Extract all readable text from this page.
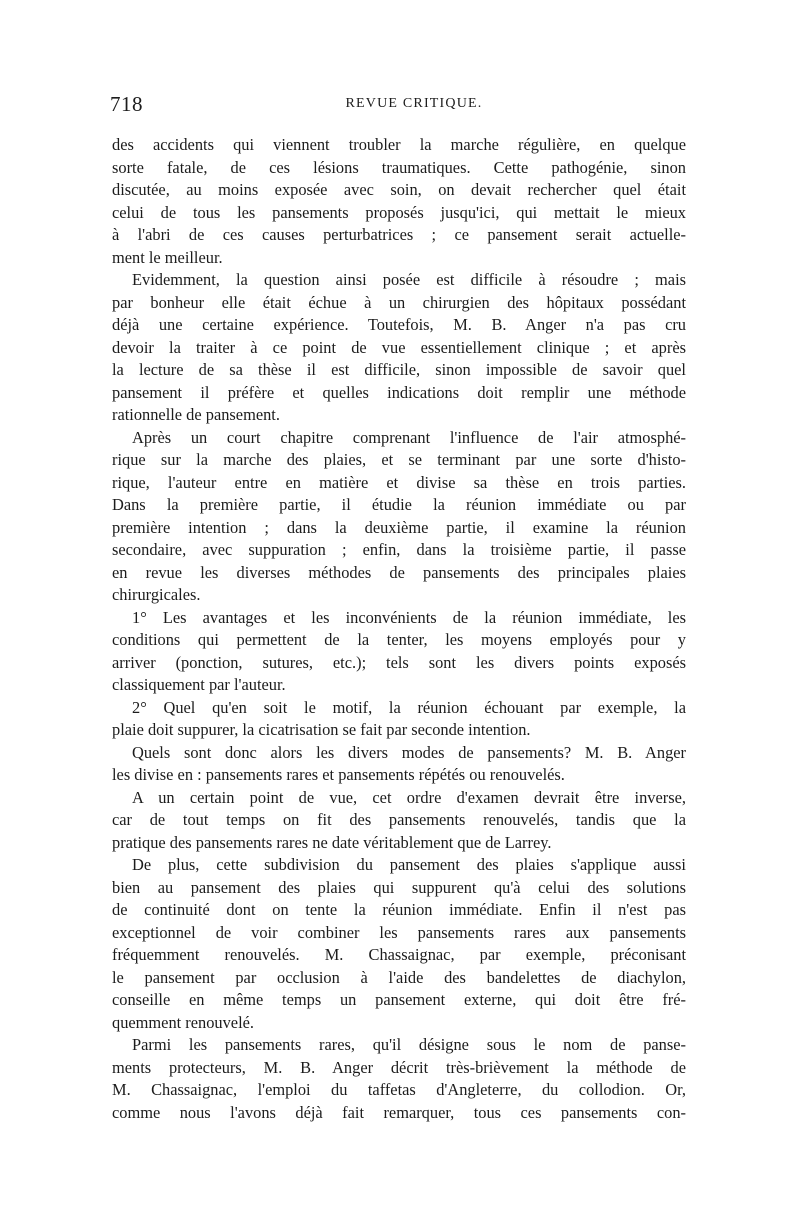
718	REVUE CRITIQUE.
des accidents qui viennent troubler la marche régulière, en quelque
sorte fatale, de ces lésions traumatiques. Cette pathogénie, sinon
discutée, au moins exposée avec soin, on devait rechercher quel était
celui de tous les pansements proposés jusqu'ici, qui mettait le mieux
à l'abri de ces causes perturbatrices ; ce pansement serait actuelle-
ment le meilleur.
Evidemment, la question ainsi posée est difficile à résoudre ; mais
par bonheur elle était échue à un chirurgien des hôpitaux possédant
déjà une certaine expérience. Toutefois, M. B. Anger n'a pas cru
devoir la traiter à ce point de vue essentiellement clinique ; et après
la lecture de sa thèse il est difficile, sinon impossible de savoir quel
pansement il préfère et quelles indications doit remplir une méthode
rationnelle de pansement.
Après un court chapitre comprenant l'influence de l'air atmosphé-
rique sur la marche des plaies, et se terminant par une sorte d'histo-
rique, l'auteur entre en matière et divise sa thèse en trois parties.
Dans la première partie, il étudie la réunion immédiate ou par
première intention ; dans la deuxième partie, il examine la réunion
secondaire, avec suppuration ; enfin, dans la troisième partie, il passe
en revue les diverses méthodes de pansements des principales plaies
chirurgicales.
1° Les avantages et les inconvénients de la réunion immédiate, les
conditions qui permettent de la tenter, les moyens employés pour y
arriver (ponction, sutures, etc.); tels sont les divers points exposés
classiquement par l'auteur.
2° Quel qu'en soit le motif, la réunion échouant par exemple, la
plaie doit suppurer, la cicatrisation se fait par seconde intention.
Quels sont donc alors les divers modes de pansements? M. B. Anger
les divise en : pansements rares et pansements répétés ou renouvelés.
A un certain point de vue, cet ordre d'examen devrait être inverse,
car de tout temps on fit des pansements renouvelés, tandis que la
pratique des pansements rares ne date véritablement que de Larrey.
De plus, cette subdivision du pansement des plaies s'applique aussi
bien au pansement des plaies qui suppurent qu'à celui des solutions
de continuité dont on tente la réunion immédiate. Enfin il n'est pas
exceptionnel de voir combiner les pansements rares aux pansements
fréquemment renouvelés. M. Chassaignac, par exemple, préconisant
le pansement par occlusion à l'aide des bandelettes de diachylon,
conseille en même temps un pansement externe, qui doit être fré-
quemment renouvelé.
Parmi les pansements rares, qu'il désigne sous le nom de panse-
ments protecteurs, M. B. Anger décrit très-brièvement la méthode de
M. Chassaignac, l'emploi du taffetas d'Angleterre, du collodion. Or,
comme nous l'avons déjà fait remarquer, tous ces pansements con-
